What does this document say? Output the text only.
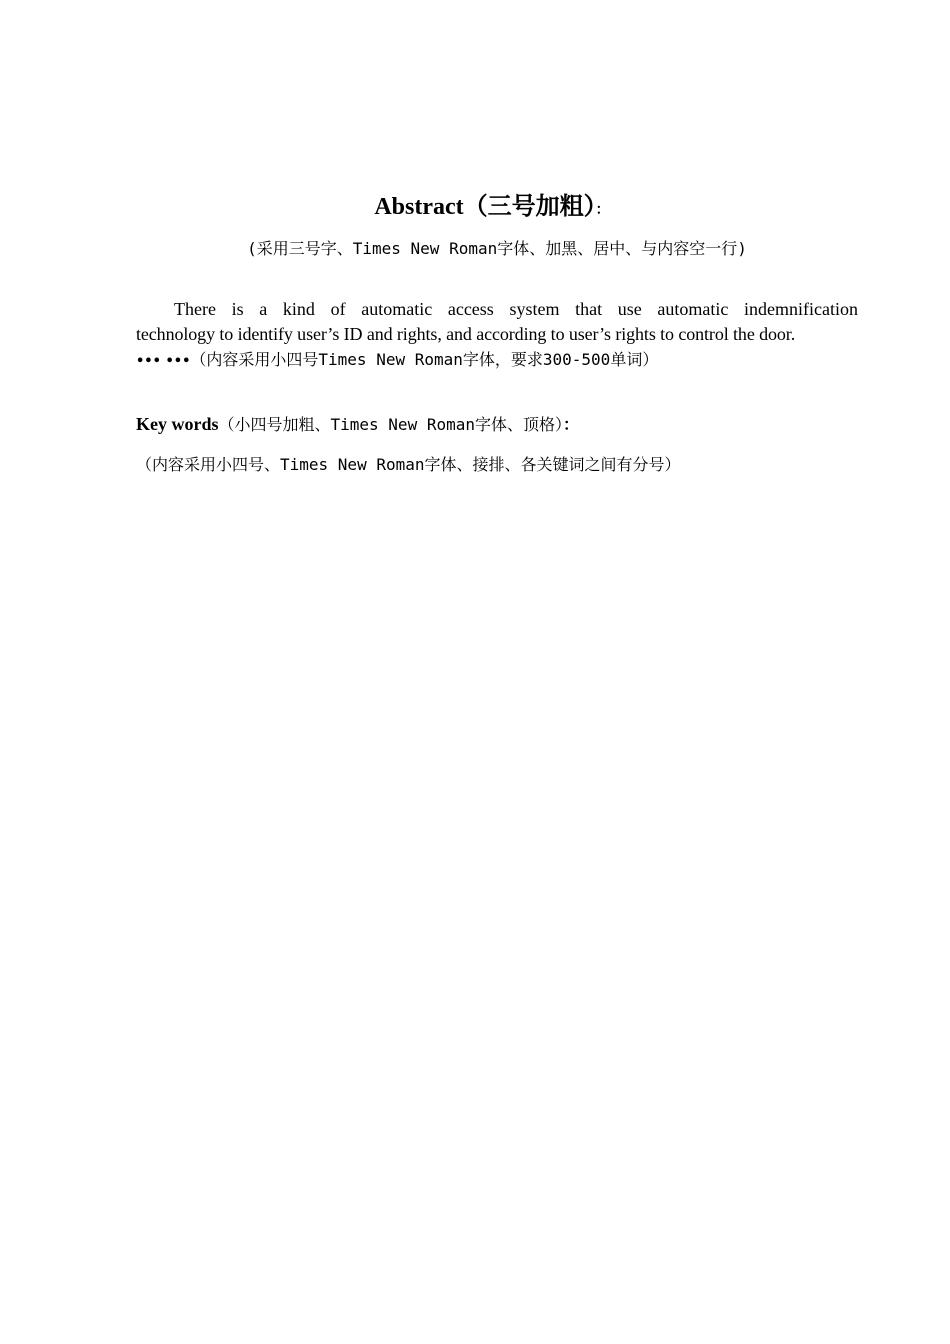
Abstract（三号加粗）：
(采用三号字、Times New Roman字体、加黑、居中、与内容空一行)
There is a kind of automatic access system that use automatic indemnification
technology to identify user’s ID and rights, and according to user’s rights to control the door.
••• •••（内容采用小四号Times New Roman字体，要求300-500单词）
Key words（小四号加粗、Times New Roman字体、顶格）：
（内容采用小四号、Times New Roman字体、接排、各关键词之间有分号）
